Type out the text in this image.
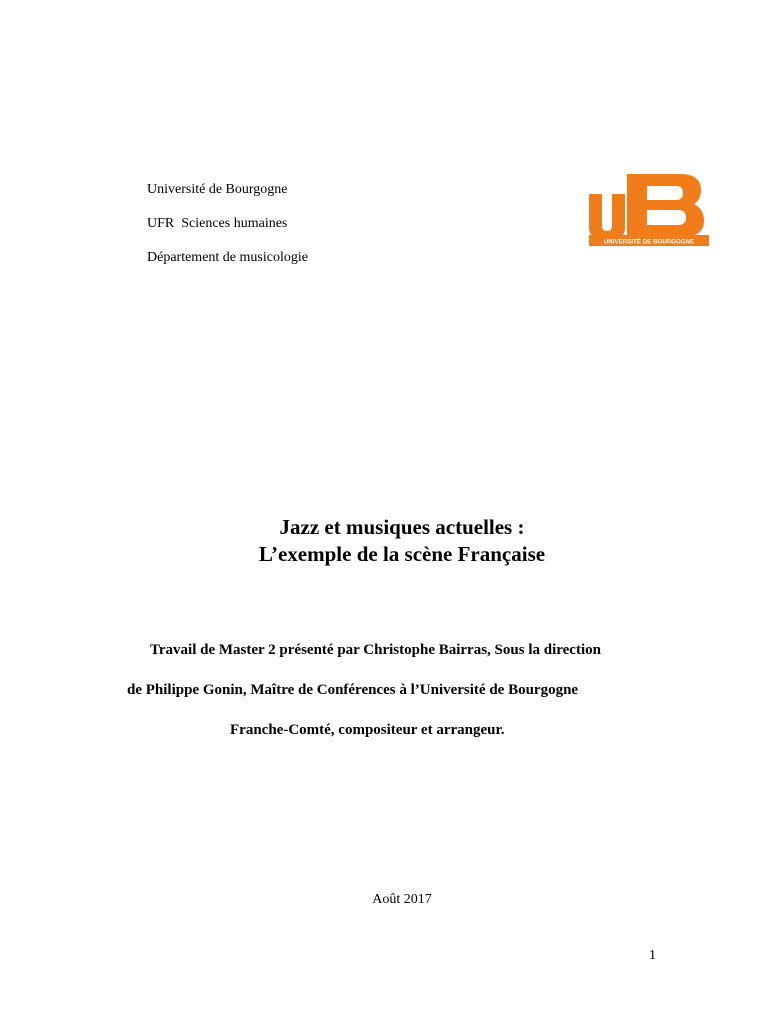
Université de Bourgogne
UFR  Sciences humaines
Département de musicologie
UNIVERSITÉ DE BOURGOGNE
Jazz et musiques actuelles :
L’exemple de la scène Française
Travail de Master 2 présenté par Christophe Bairras, Sous la direction
de Philippe Gonin, Maître de Conférences à l’Université de Bourgogne
Franche-Comté, compositeur et arrangeur.
Août 2017
1
